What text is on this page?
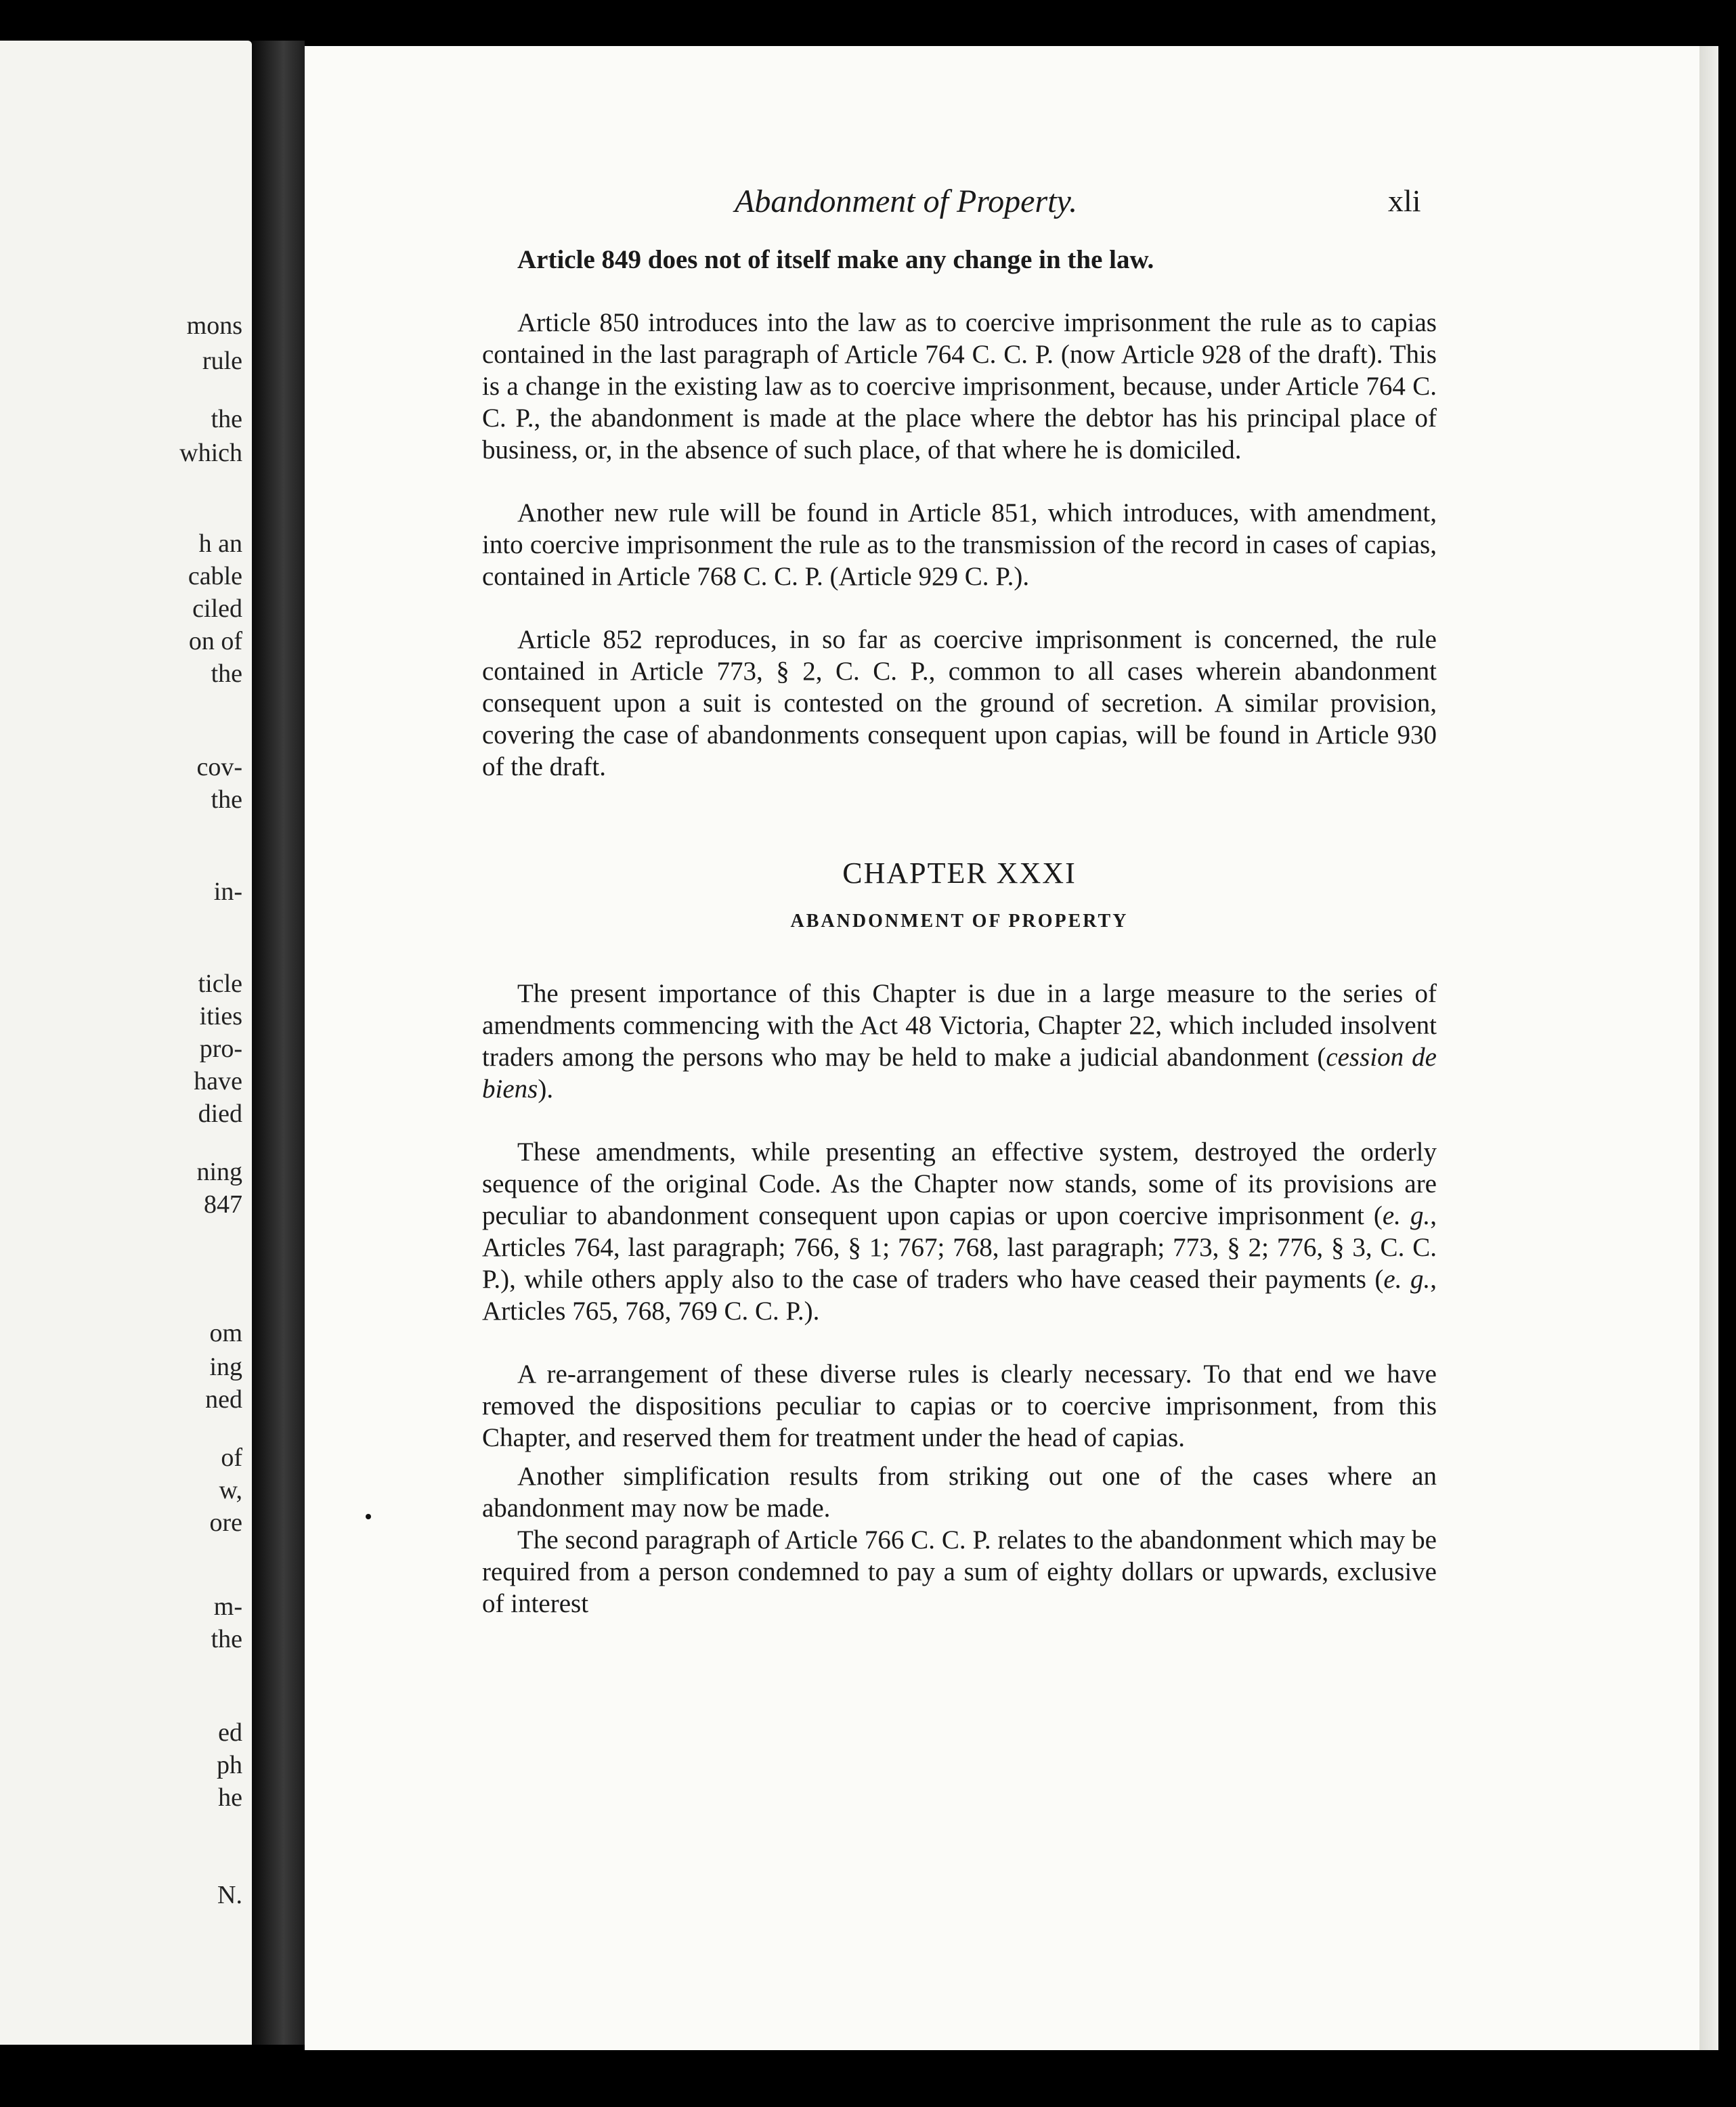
mons
rule
the
which
h an
cable
ciled
on of
the
cov-
the
in-
ticle
ities
pro-
have
died
ning
847
om
ing
ned
of
w,
ore
m-
the
ed
ph
he
N.
Abandonment of Property.	xli

Article 849 does not of itself make any change in the law.

Article 850 introduces into the law as to coercive imprisonment the rule as to capias contained in the last paragraph of Article 764 C. C. P. (now Article 928 of the draft). This is a change in the existing law as to coercive imprisonment, because, under Article 764 C. C. P., the abandonment is made at the place where the debtor has his principal place of business, or, in the absence of such place, of that where he is domiciled.

Another new rule will be found in Article 851, which introduces, with amendment, into coercive imprisonment the rule as to the transmission of the record in cases of capias, contained in Article 768 C. C. P. (Article 929 C. P.).

Article 852 reproduces, in so far as coercive imprisonment is concerned, the rule contained in Article 773, § 2, C. C. P., common to all cases wherein abandonment consequent upon a suit is contested on the ground of secretion. A similar provision, covering the case of abandonments consequent upon capias, will be found in Article 930 of the draft.

CHAPTER XXXI
ABANDONMENT OF PROPERTY

The present importance of this Chapter is due in a large measure to the series of amendments commencing with the Act 48 Victoria, Chapter 22, which included insolvent traders among the persons who may be held to make a judicial abandonment (cession de biens).

These amendments, while presenting an effective system, destroyed the orderly sequence of the original Code. As the Chapter now stands, some of its provisions are peculiar to abandonment consequent upon capias or upon coercive imprisonment (e. g., Articles 764, last paragraph; 766, § 1; 767; 768, last paragraph; 773, § 2; 776, § 3, C. C. P.), while others apply also to the case of traders who have ceased their payments (e. g., Articles 765, 768, 769 C. C. P.).

A re-arrangement of these diverse rules is clearly necessary. To that end we have removed the dispositions peculiar to capias or to coercive imprisonment, from this Chapter, and reserved them for treatment under the head of capias.

Another simplification results from striking out one of the cases where an abandonment may now be made.

The second paragraph of Article 766 C. C. P. relates to the abandonment which may be required from a person condemned to pay a sum of eighty dollars or upwards, exclusive of interest
